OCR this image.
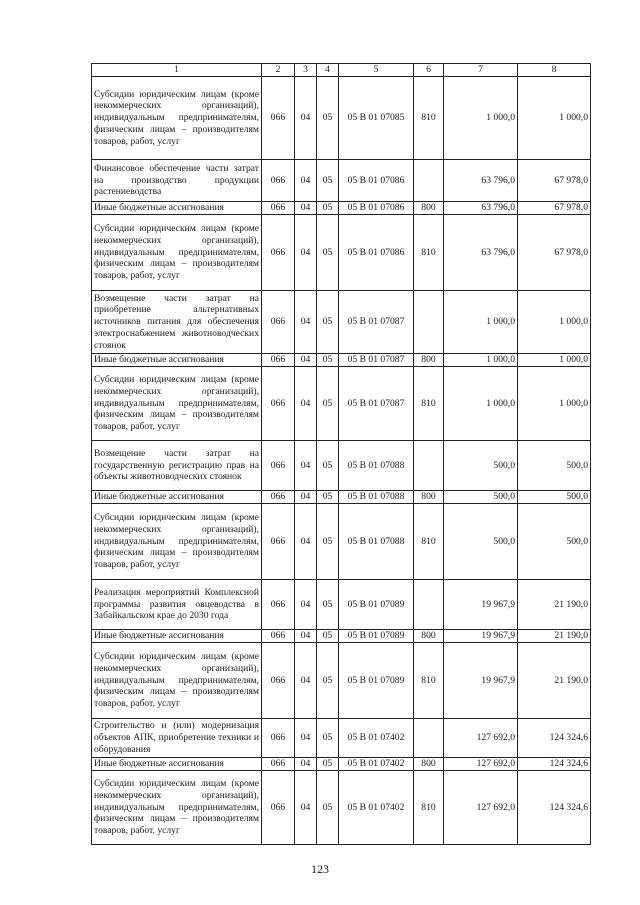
1	2	3	4	5	6	7	8
Субсидии юридическим лицам (кроме некоммерческих организаций), индивидуальным предпринимателям, физическим лицам – производителям товаров, работ, услуг	066	04	05	05 В 01 07085	810	1 000,0	1 000,0
Финансовое обеспечение части затрат на производство продукции растениеводства	066	04	05	05 В 01 07086		63 796,0	67 978,0
Иные бюджетные ассигнования	066	04	05	05 В 01 07086	800	63 796,0	67 978,0
Субсидии юридическим лицам (кроме некоммерческих организаций), индивидуальным предпринимателям, физическим лицам – производителям товаров, работ, услуг	066	04	05	05 В 01 07086	810	63 796,0	67 978,0
Возмещение части затрат на приобретение альтернативных источников питания для обеспечения электроснабжением животноводческих стоянок	066	04	05	05 В 01 07087		1 000,0	1 000,0
Иные бюджетные ассигнования	066	04	05	05 В 01 07087	800	1 000,0	1 000,0
Субсидии юридическим лицам (кроме некоммерческих организаций), индивидуальным предпринимателям, физическим лицам – производителям товаров, работ, услуг	066	04	05	05 В 01 07087	810	1 000,0	1 000,0
Возмещение части затрат на государственную регистрацию прав на объекты животноводческих стоянок	066	04	05	05 В 01 07088		500,0	500,0
Иные бюджетные ассигнования	066	04	05	05 В 01 07088	800	500,0	500,0
Субсидии юридическим лицам (кроме некоммерческих организаций), индивидуальным предпринимателям, физическим лицам – производителям товаров, работ, услуг	066	04	05	05 В 01 07088	810	500,0	500,0
Реализация мероприятий Комплексной программы развития овцеводства в Забайкальском крае до 2030 года	066	04	05	05 В 01 07089		19 967,9	21 190,0
Иные бюджетные ассигнования	066	04	05	05 В 01 07089	800	19 967,9	21 190,0
Субсидии юридическим лицам (кроме некоммерческих организаций), индивидуальным предпринимателям, физическим лицам – производителям товаров, работ, услуг	066	04	05	05 В 01 07089	810	19 967,9	21 190,0
Строительство и (или) модернизация объектов АПК, приобретение техники и оборудования	066	04	05	05 В 01 07402		127 692,0	124 324,6
Иные бюджетные ассигнования	066	04	05	05 В 01 07402	800	127 692,0	124 324,6
Субсидии юридическим лицам (кроме некоммерческих организаций), индивидуальным предпринимателям, физическим лицам – производителям товаров, работ, услуг	066	04	05	05 В 01 07402	810	127 692,0	124 324,6
123
